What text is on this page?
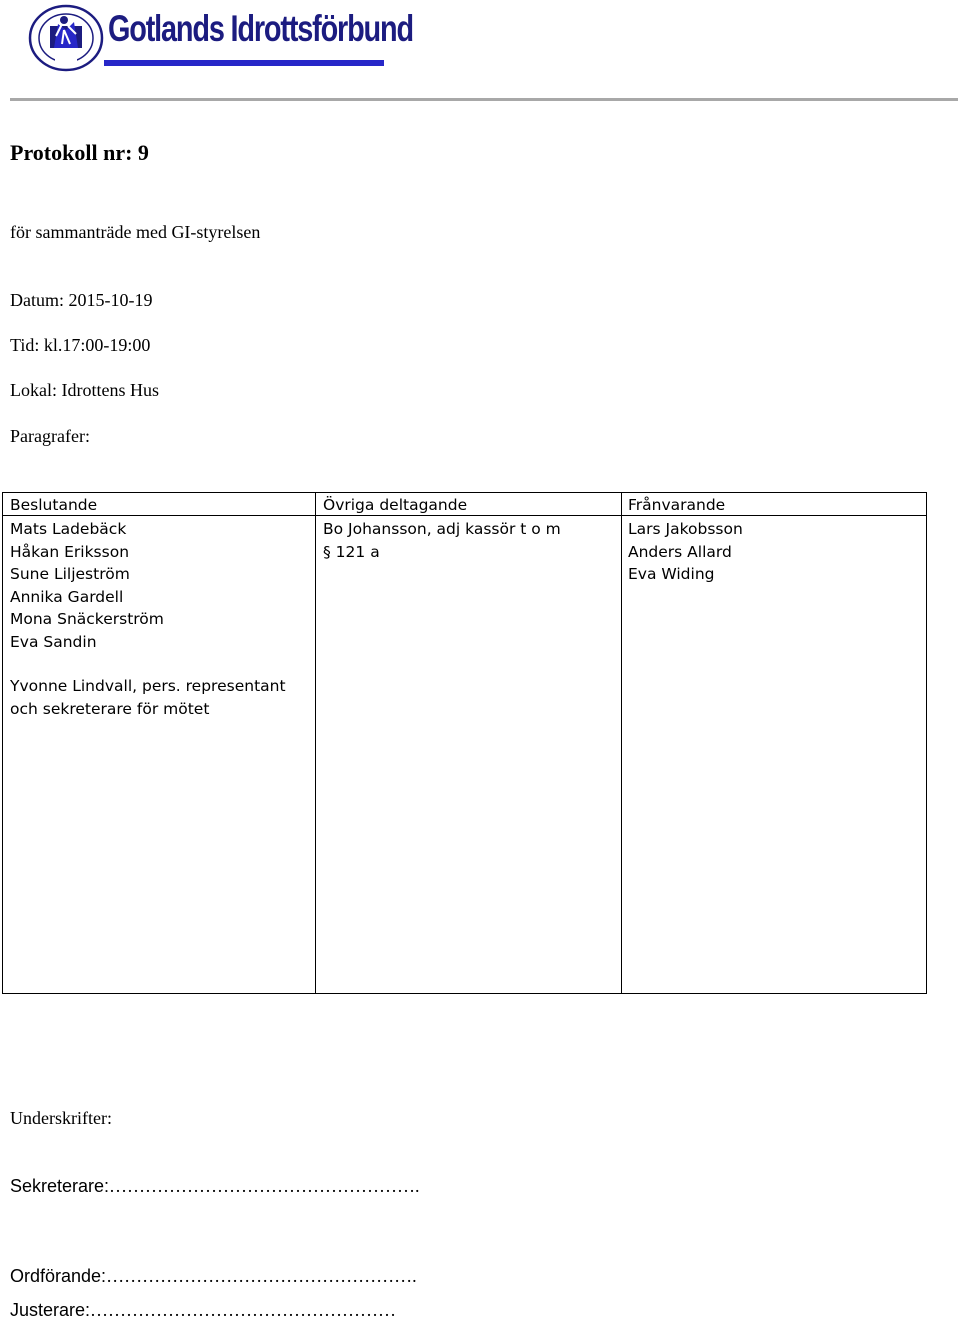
Gotlands Idrottsförbund
Protokoll nr: 9
för sammanträde med GI-styrelsen
Datum: 2015-10-19
Tid: kl.17:00-19:00
Lokal: Idrottens Hus
Paragrafer:
Beslutande	Övriga deltagande	Frånvarande
Mats Ladebäck
Håkan Eriksson
Sune Liljeström
Annika Gardell
Mona Snäckerström
Eva Sandin
Yvonne Lindvall, pers. representant
och sekreterare för mötet
Bo Johansson, adj kassör t o m
§ 121 a
Lars Jakobsson
Anders Allard
Eva Widing
Underskrifter:
Sekreterare:…………………………………………….
Ordförande:…………………………………………….
Justerare:……………………………………………
